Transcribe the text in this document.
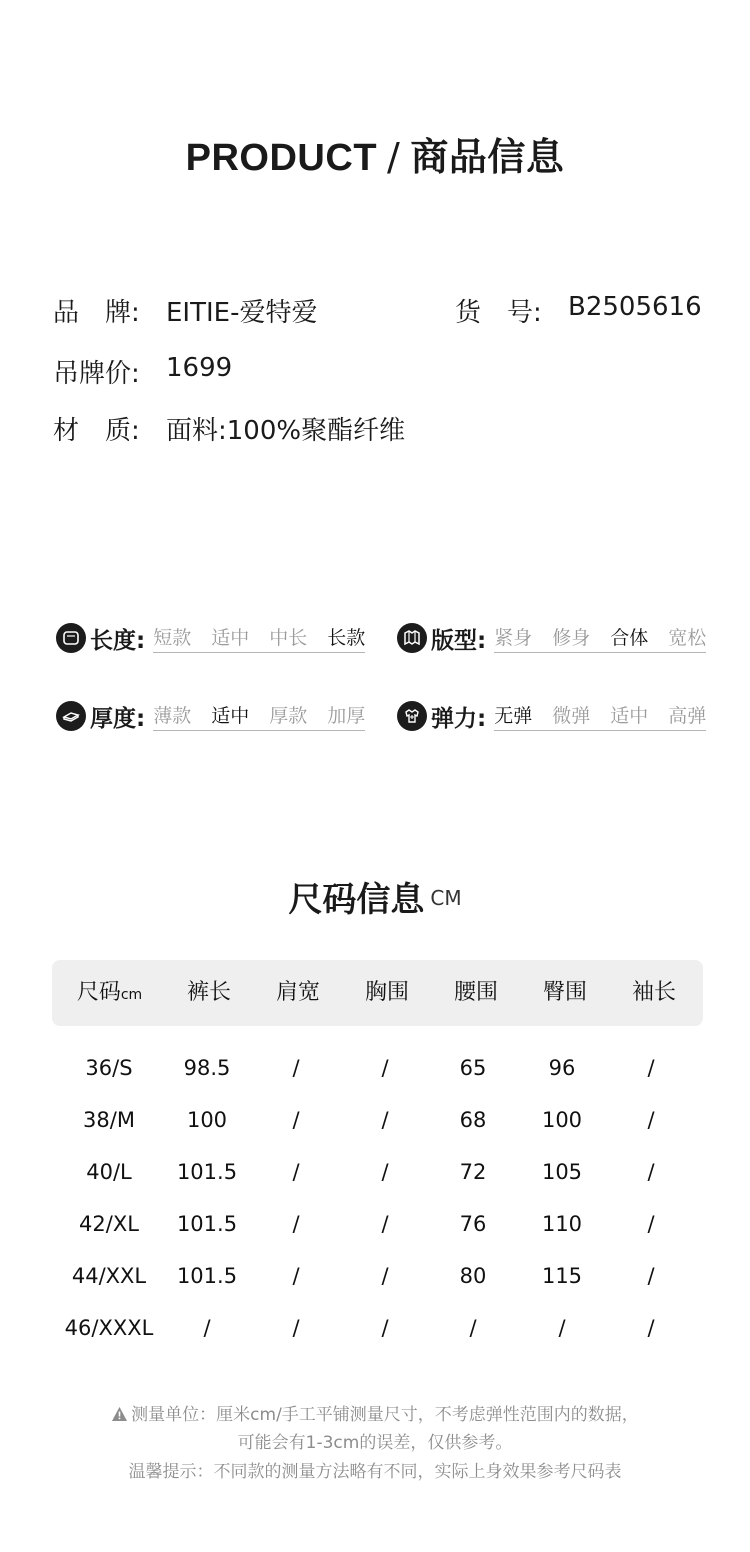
PRODUCT / 商品信息
品　牌: EITIE-爱特爱	货　号: B2505616
吊牌价: 1699
材　质: 面料:100%聚酯纤维
长度: 短款 适中 中长 长款	版型: 紧身 修身 合体 宽松
厚度: 薄款 适中 厚款 加厚	弹力: 无弹 微弹 适中 高弹
尺码信息 CM
尺码cm	裤长	肩宽	胸围	腰围	臀围	袖长
36/S	98.5	/	/	65	96	/
38/M	100	/	/	68	100	/
40/L	101.5	/	/	72	105	/
42/XL	101.5	/	/	76	110	/
44/XXL	101.5	/	/	80	115	/
46/XXXL	/	/	/	/	/	/
测量单位：厘米cm/手工平铺测量尺寸，不考虑弹性范围内的数据，
可能会有1-3cm的误差，仅供参考。
温馨提示：不同款的测量方法略有不同，实际上身效果参考尺码表
